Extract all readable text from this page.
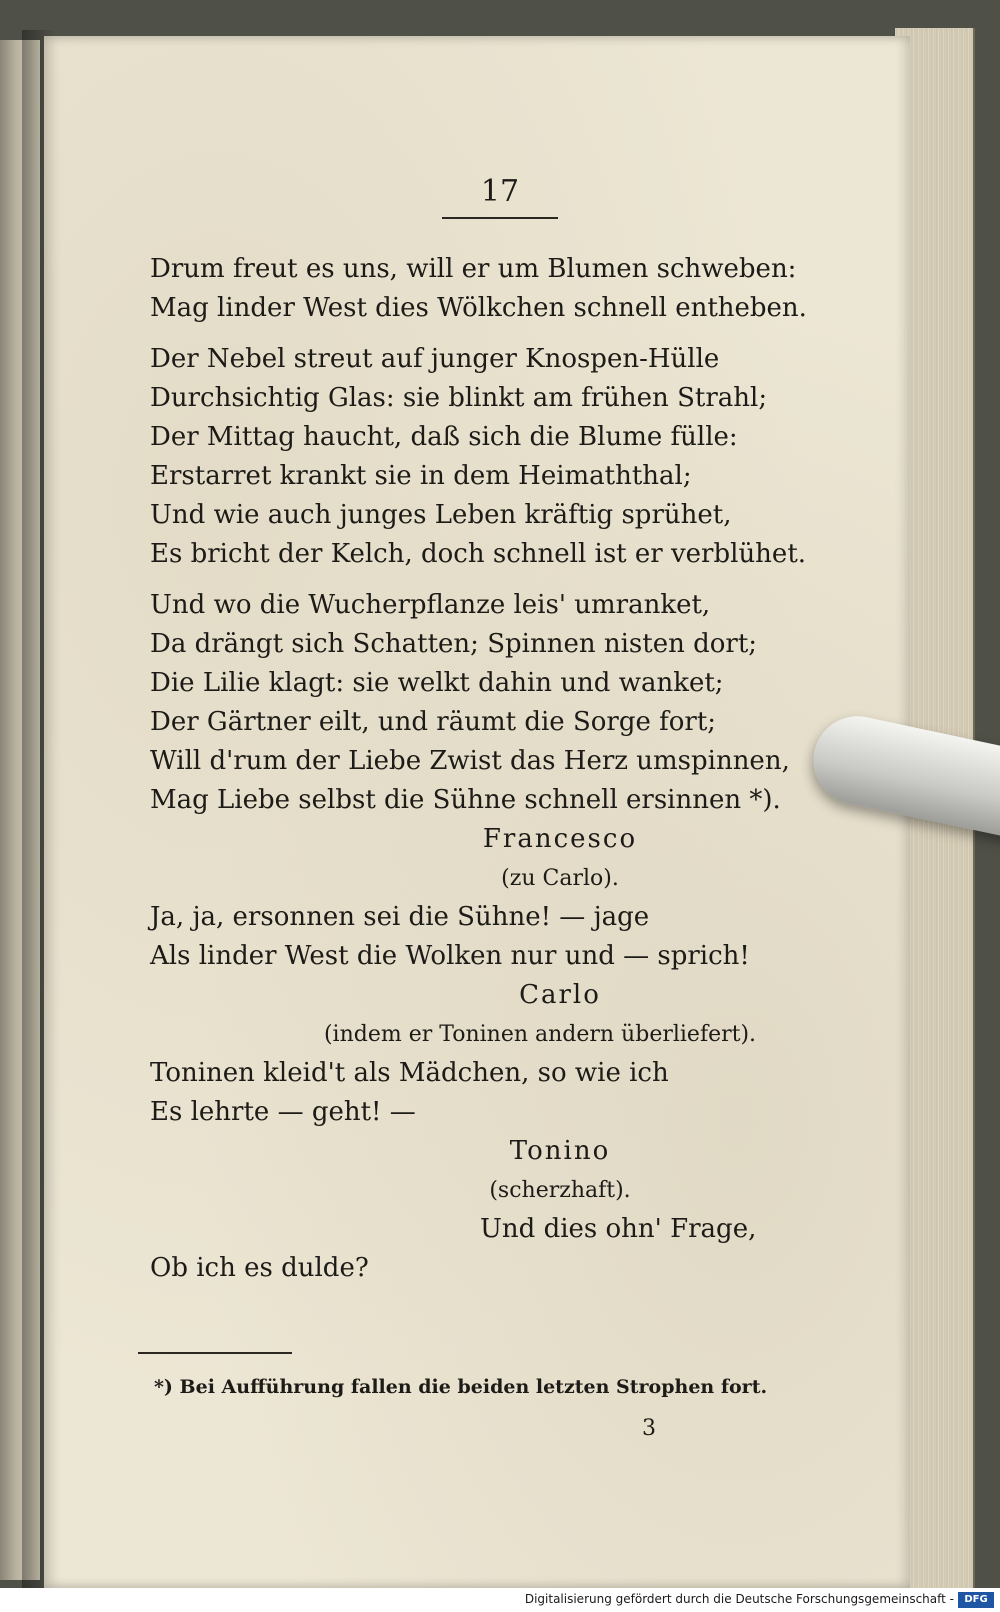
17
Drum freut es uns, will er um Blumen schweben:
Mag linder West dies Wölkchen schnell entheben.
Der Nebel streut auf junger Knospen-Hülle
Durchsichtig Glas: sie blinkt am frühen Strahl;
Der Mittag haucht, daß sich die Blume fülle:
Erstarret krankt sie in dem Heimaththal;
Und wie auch junges Leben kräftig sprühet,
Es bricht der Kelch, doch schnell ist er verblühet.
Und wo die Wucherpflanze leis' umranket,
Da drängt sich Schatten; Spinnen nisten dort;
Die Lilie klagt: sie welkt dahin und wanket;
Der Gärtner eilt, und räumt die Sorge fort;
Will d'rum der Liebe Zwist das Herz umspinnen,
Mag Liebe selbst die Sühne schnell ersinnen *).
Francesco
(zu Carlo).
Ja, ja, ersonnen sei die Sühne! — jage
Als linder West die Wolken nur und — sprich!
Carlo
(indem er Toninen andern überliefert).
Toninen kleid't als Mädchen, so wie ich
Es lehrte — geht! —
Tonino
(scherzhaft).
Und dies ohn' Frage,
Ob ich es dulde?
*) Bei Aufführung fallen die beiden letzten Strophen fort.
3
Digitalisierung gefördert durch die Deutsche Forschungsgemeinschaft -	DFG
